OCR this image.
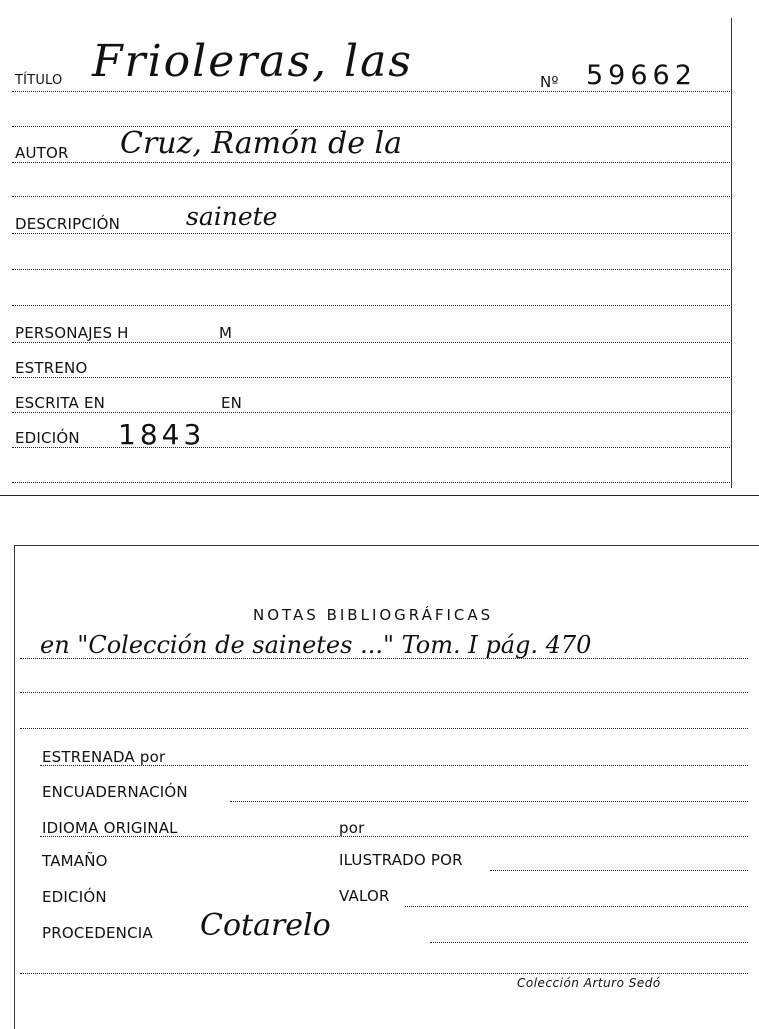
TÍTULO Frioleras, las	Nº 59662
AUTOR Cruz, Ramón de la
DESCRIPCIÓN	sainete
PERSONAJES H	M
ESTRENO
ESCRITA EN	EN
EDICIÓN 1843
NOTAS BIBLIOGRÁFICAS
en "Colección de sainetes ..." Tom. I pág. 470
ESTRENADA por
ENCUADERNACIÓN
IDIOMA ORIGINAL	por
TAMAÑO	ILUSTRADO POR
EDICIÓN	VALOR
PROCEDENCIA Cotarelo
Colección Arturo Sedó
